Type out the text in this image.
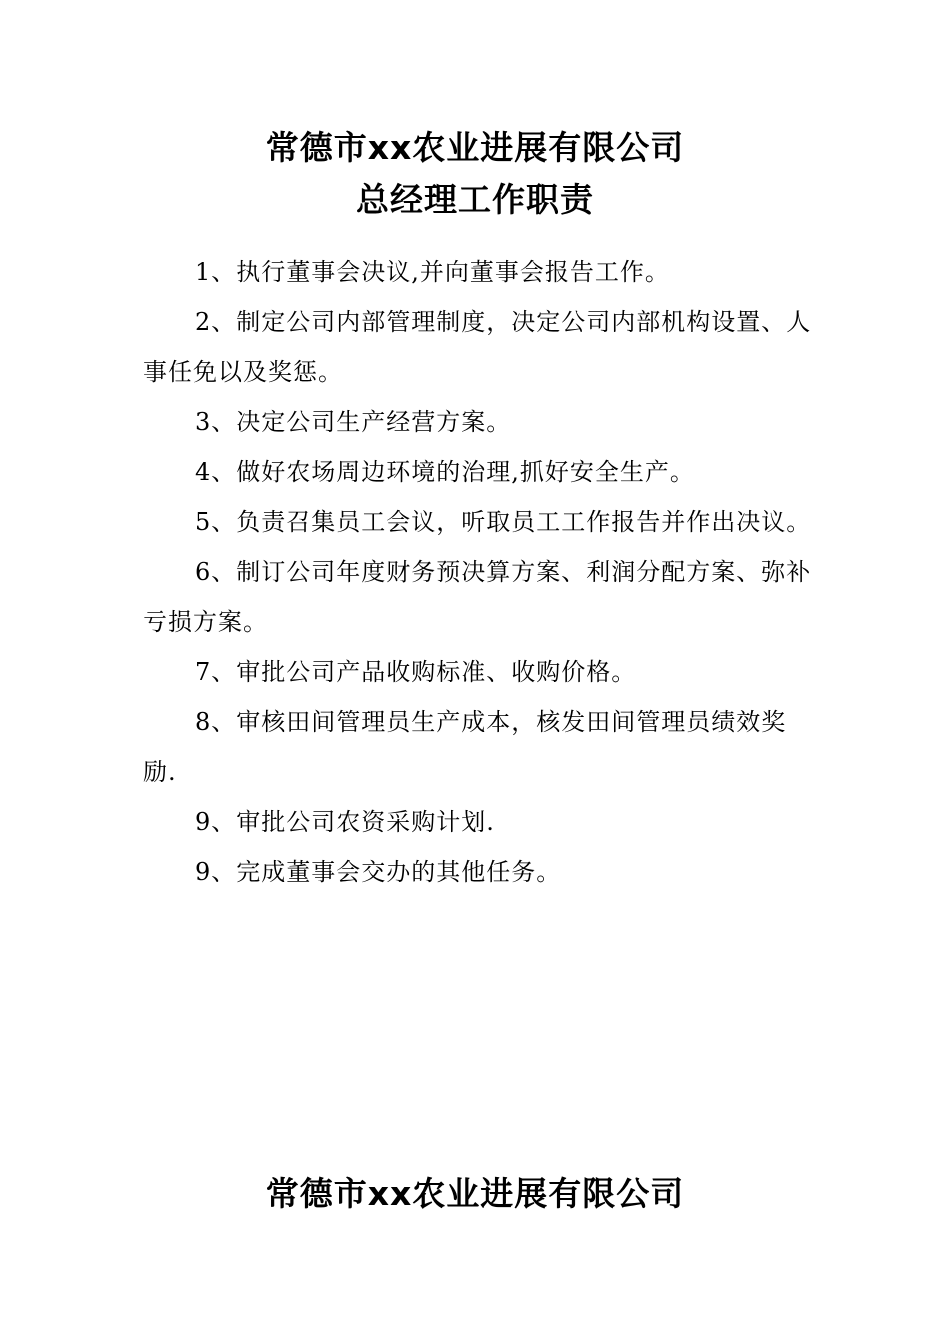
常德市xx农业进展有限公司
总经理工作职责

1、执行董事会决议,并向董事会报告工作。

2、制定公司内部管理制度，决定公司内部机构设置、人事任免以及奖惩。

3、决定公司生产经营方案。

4、做好农场周边环境的治理,抓好安全生产。

5、负责召集员工会议，听取员工工作报告并作出决议。

6、制订公司年度财务预决算方案、利润分配方案、弥补亏损方案。

7、审批公司产品收购标准、收购价格。

8、审核田间管理员生产成本，核发田间管理员绩效奖励.

9、审批公司农资采购计划.

9、完成董事会交办的其他任务。

常德市xx农业进展有限公司
